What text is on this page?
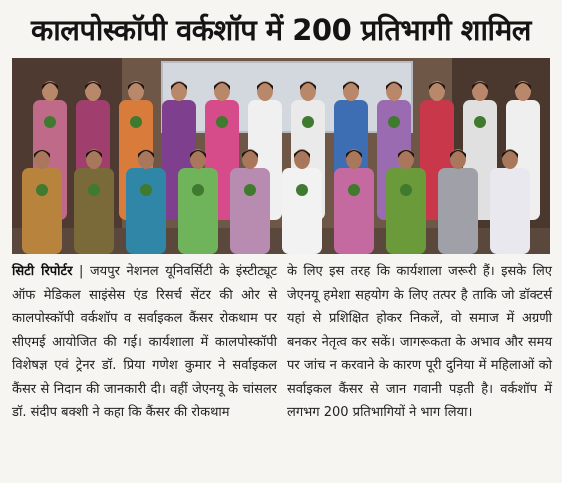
कालपोस्कॉपी वर्कशॉप में 200 प्रतिभागी शामिल
सिटी रिपोर्टर | जयपुर नेशनल यूनिवर्सिटी के इंस्टीट्यूट ऑफ मेडिकल साइंसेस एंड रिसर्च सेंटर की ओर से कालपोस्कॉपी वर्कशॉप व सर्वाइकल कैंसर रोकथाम पर सीएमई आयोजित की गई। कार्यशाला में कालपोस्कॉपी विशेषज्ञ एवं ट्रेनर डॉ. प्रिया गणेश कुमार ने सर्वाइकल कैंसर से निदान की जानकारी दी। वहीं जेएनयू के चांसलर डॉ. संदीप बक्शी ने कहा कि कैंसर की रोकथाम
के लिए इस तरह कि कार्यशाला जरूरी हैं। इसके लिए जेएनयू हमेशा सहयोग के लिए तत्पर है ताकि जो डॉक्टर्स यहां से प्रशिक्षित होकर निकलें, वो समाज में अग्रणी बनकर नेतृत्व कर सकें। जागरूकता के अभाव और समय पर जांच न करवाने के कारण पूरी दुनिया में महिलाओं को सर्वाइकल कैंसर से जान गवानी पड़ती है। वर्कशॉप में लगभग 200 प्रतिभागियों ने भाग लिया।
